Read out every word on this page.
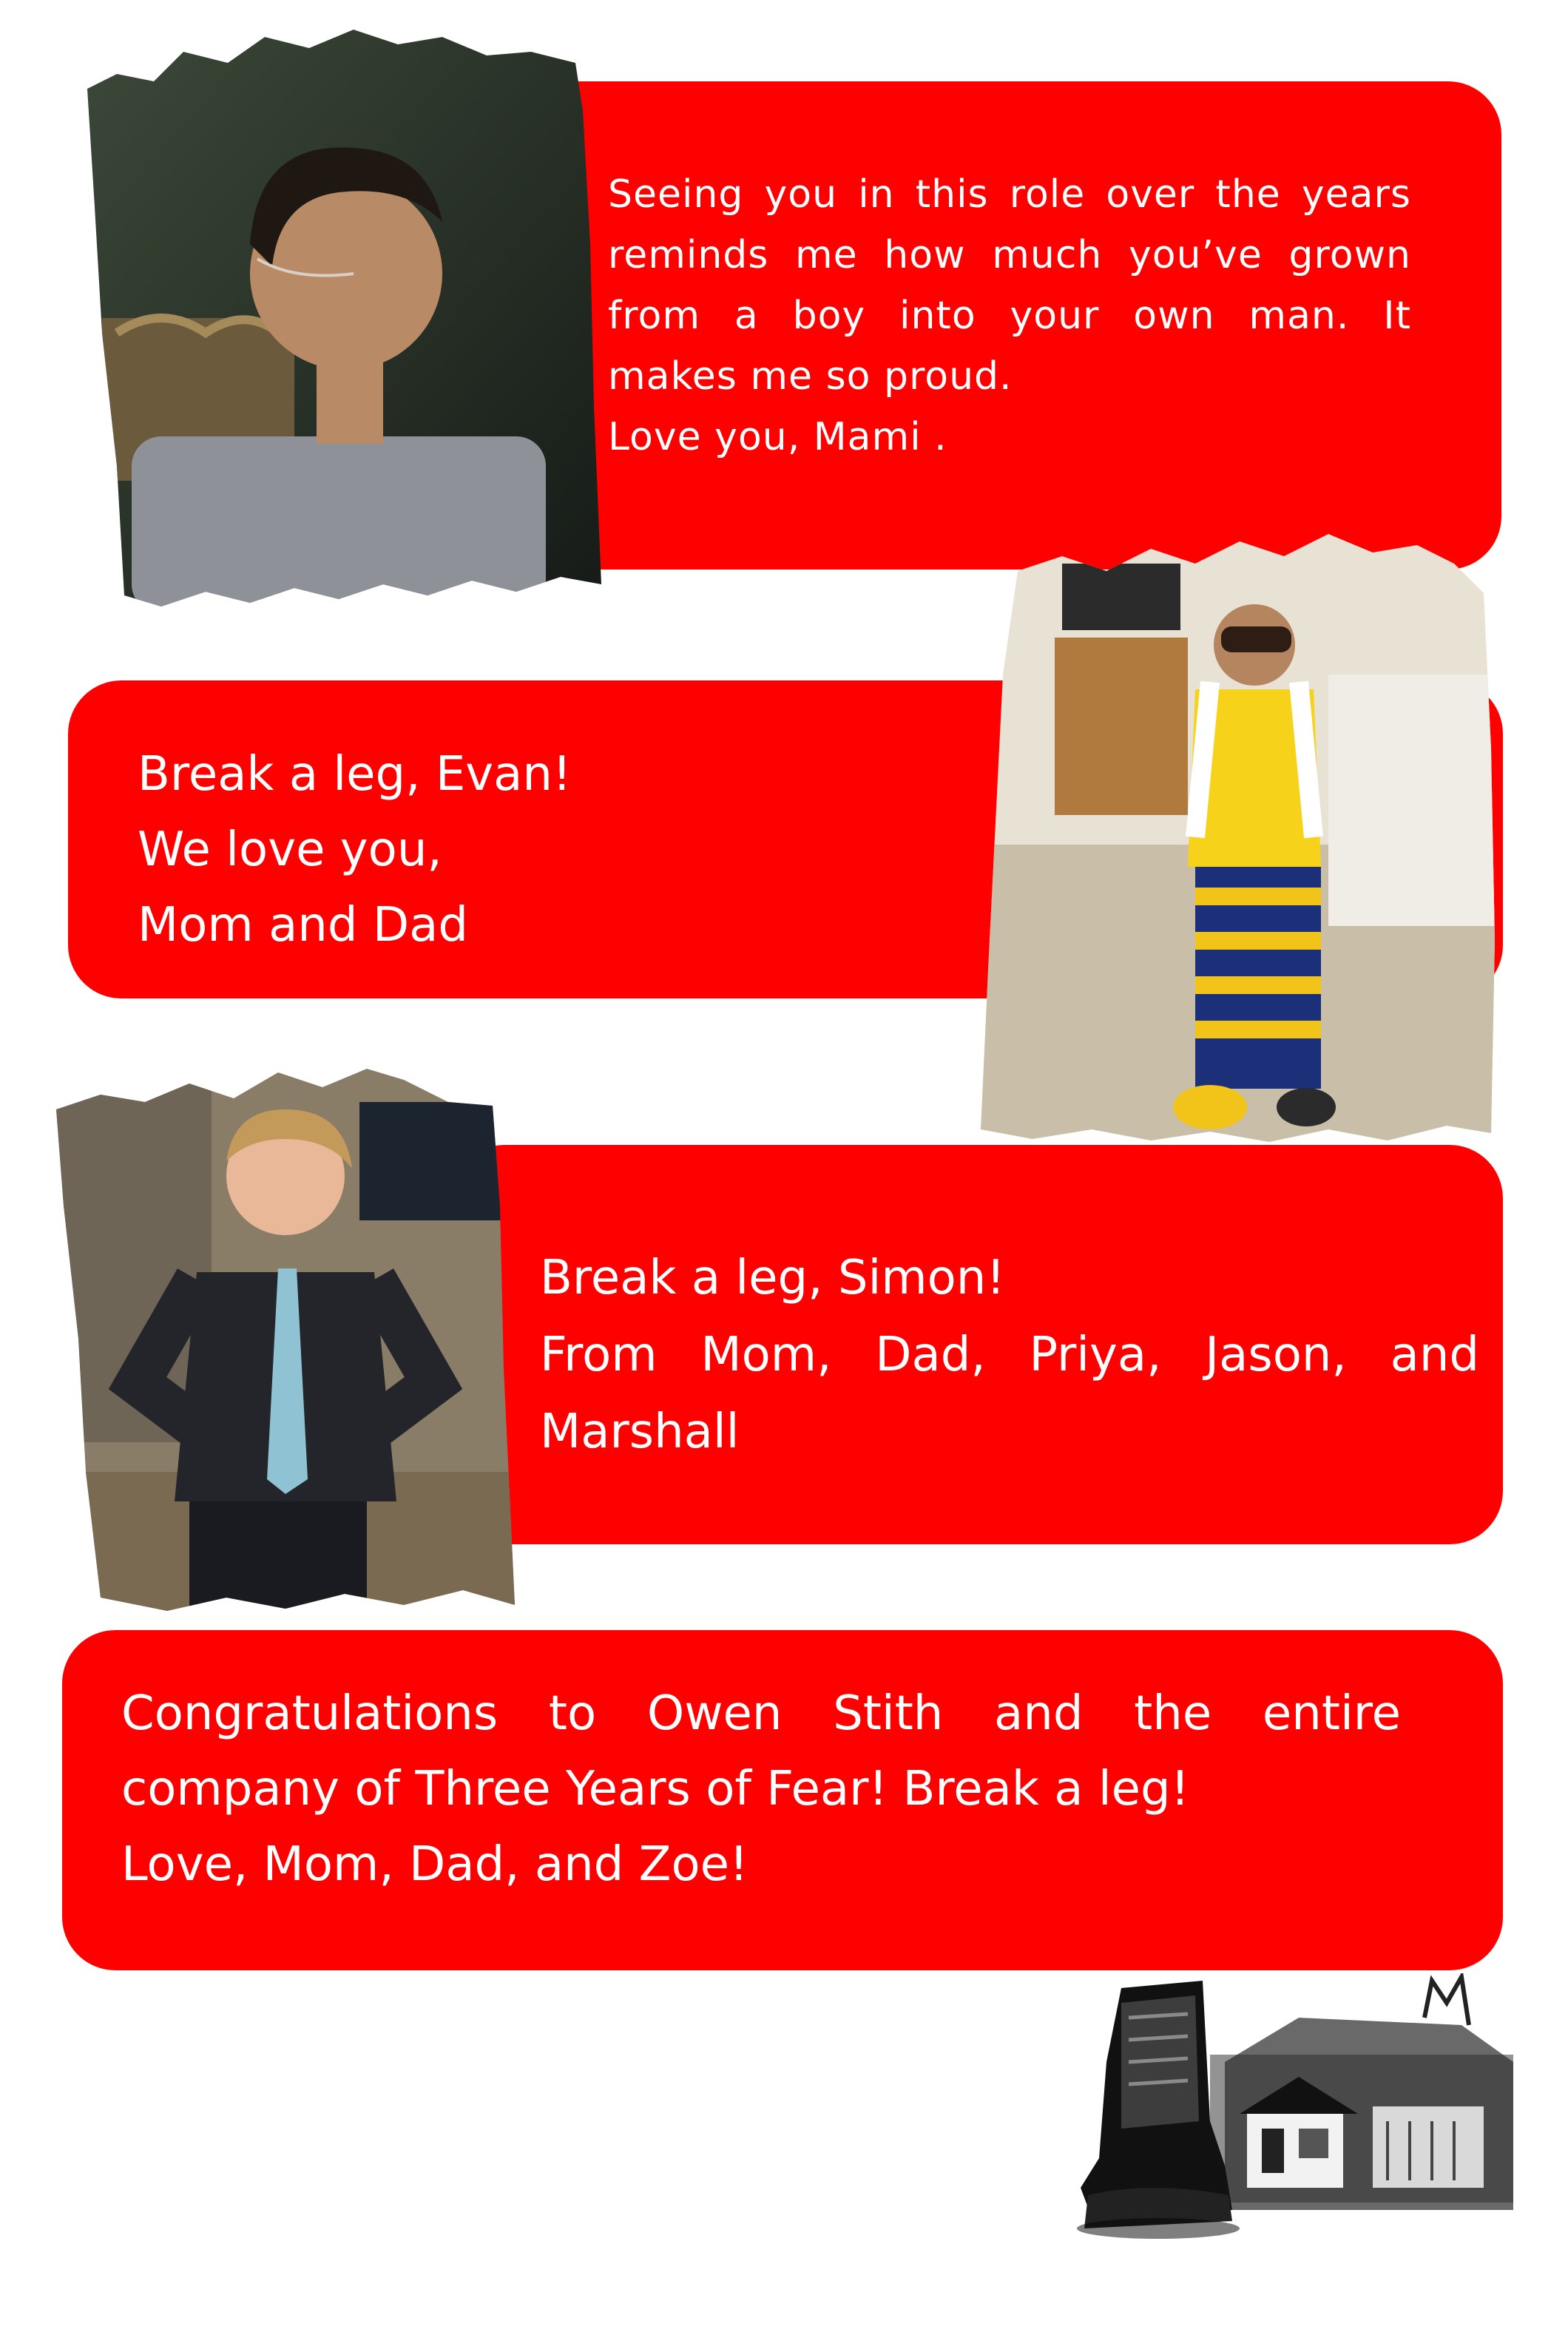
Seeing you in this role over the years
reminds me how much you’ve grown
from a boy into your own man. It
makes me so proud.
Love you, Mami .

Break a leg, Evan!
We love you,
Mom and Dad

Break a leg, Simon!
From Mom, Dad, Priya, Jason, and
Marshall

Congratulations to Owen Stith and the entire
company of Three Years of Fear! Break a leg!
Love, Mom, Dad, and Zoe!
